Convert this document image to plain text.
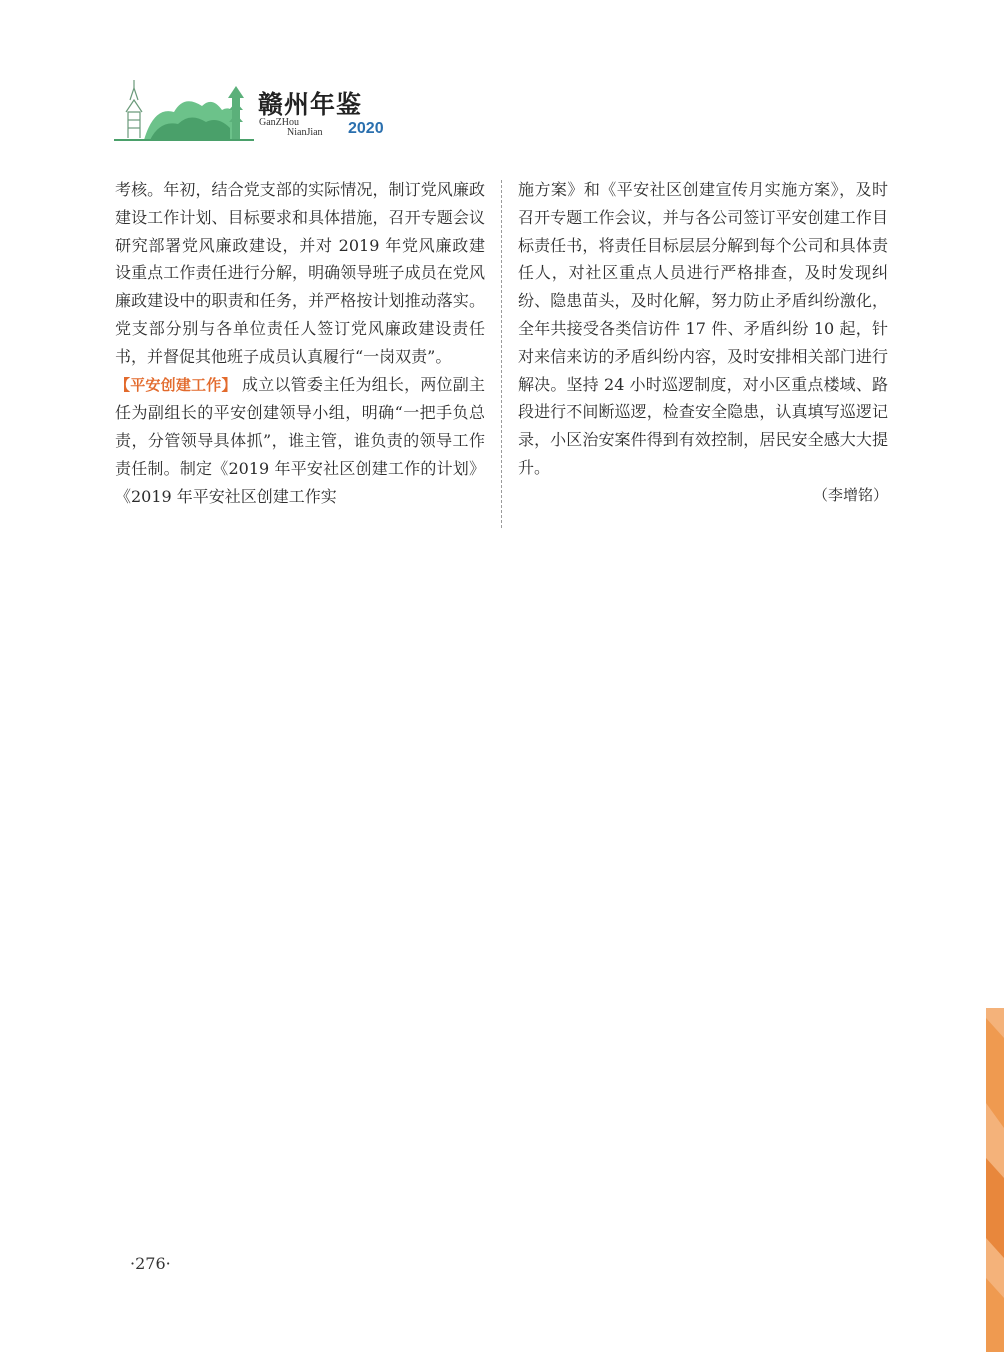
赣州年鉴
GanZHou
NianJian 2020

考核。年初，结合党支部的实际情况，制订党风廉政建设工作计划、目标要求和具体措施，召开专题会议研究部署党风廉政建设，并对 2019 年党风廉政建设重点工作责任进行分解，明确领导班子成员在党风廉政建设中的职责和任务，并严格按计划推动落实。党支部分别与各单位责任人签订党风廉政建设责任书，并督促其他班子成员认真履行“一岗双责”。

【平安创建工作】 成立以管委主任为组长，两位副主任为副组长的平安创建领导小组，明确“一把手负总责，分管领导具体抓”，谁主管，谁负责的领导工作责任制。制定《2019 年平安社区创建工作的计划》《2019 年平安社区创建工作实

施方案》和《平安社区创建宣传月实施方案》，及时召开专题工作会议，并与各公司签订平安创建工作目标责任书，将责任目标层层分解到每个公司和具体责任人，对社区重点人员进行严格排查，及时发现纠纷、隐患苗头，及时化解，努力防止矛盾纠纷激化，全年共接受各类信访件 17 件、矛盾纠纷 10 起，针对来信来访的矛盾纠纷内容，及时安排相关部门进行解决。坚持 24 小时巡逻制度，对小区重点楼域、路段进行不间断巡逻，检查安全隐患，认真填写巡逻记录，小区治安案件得到有效控制，居民安全感大大提升。

（李增铭）

·276·
